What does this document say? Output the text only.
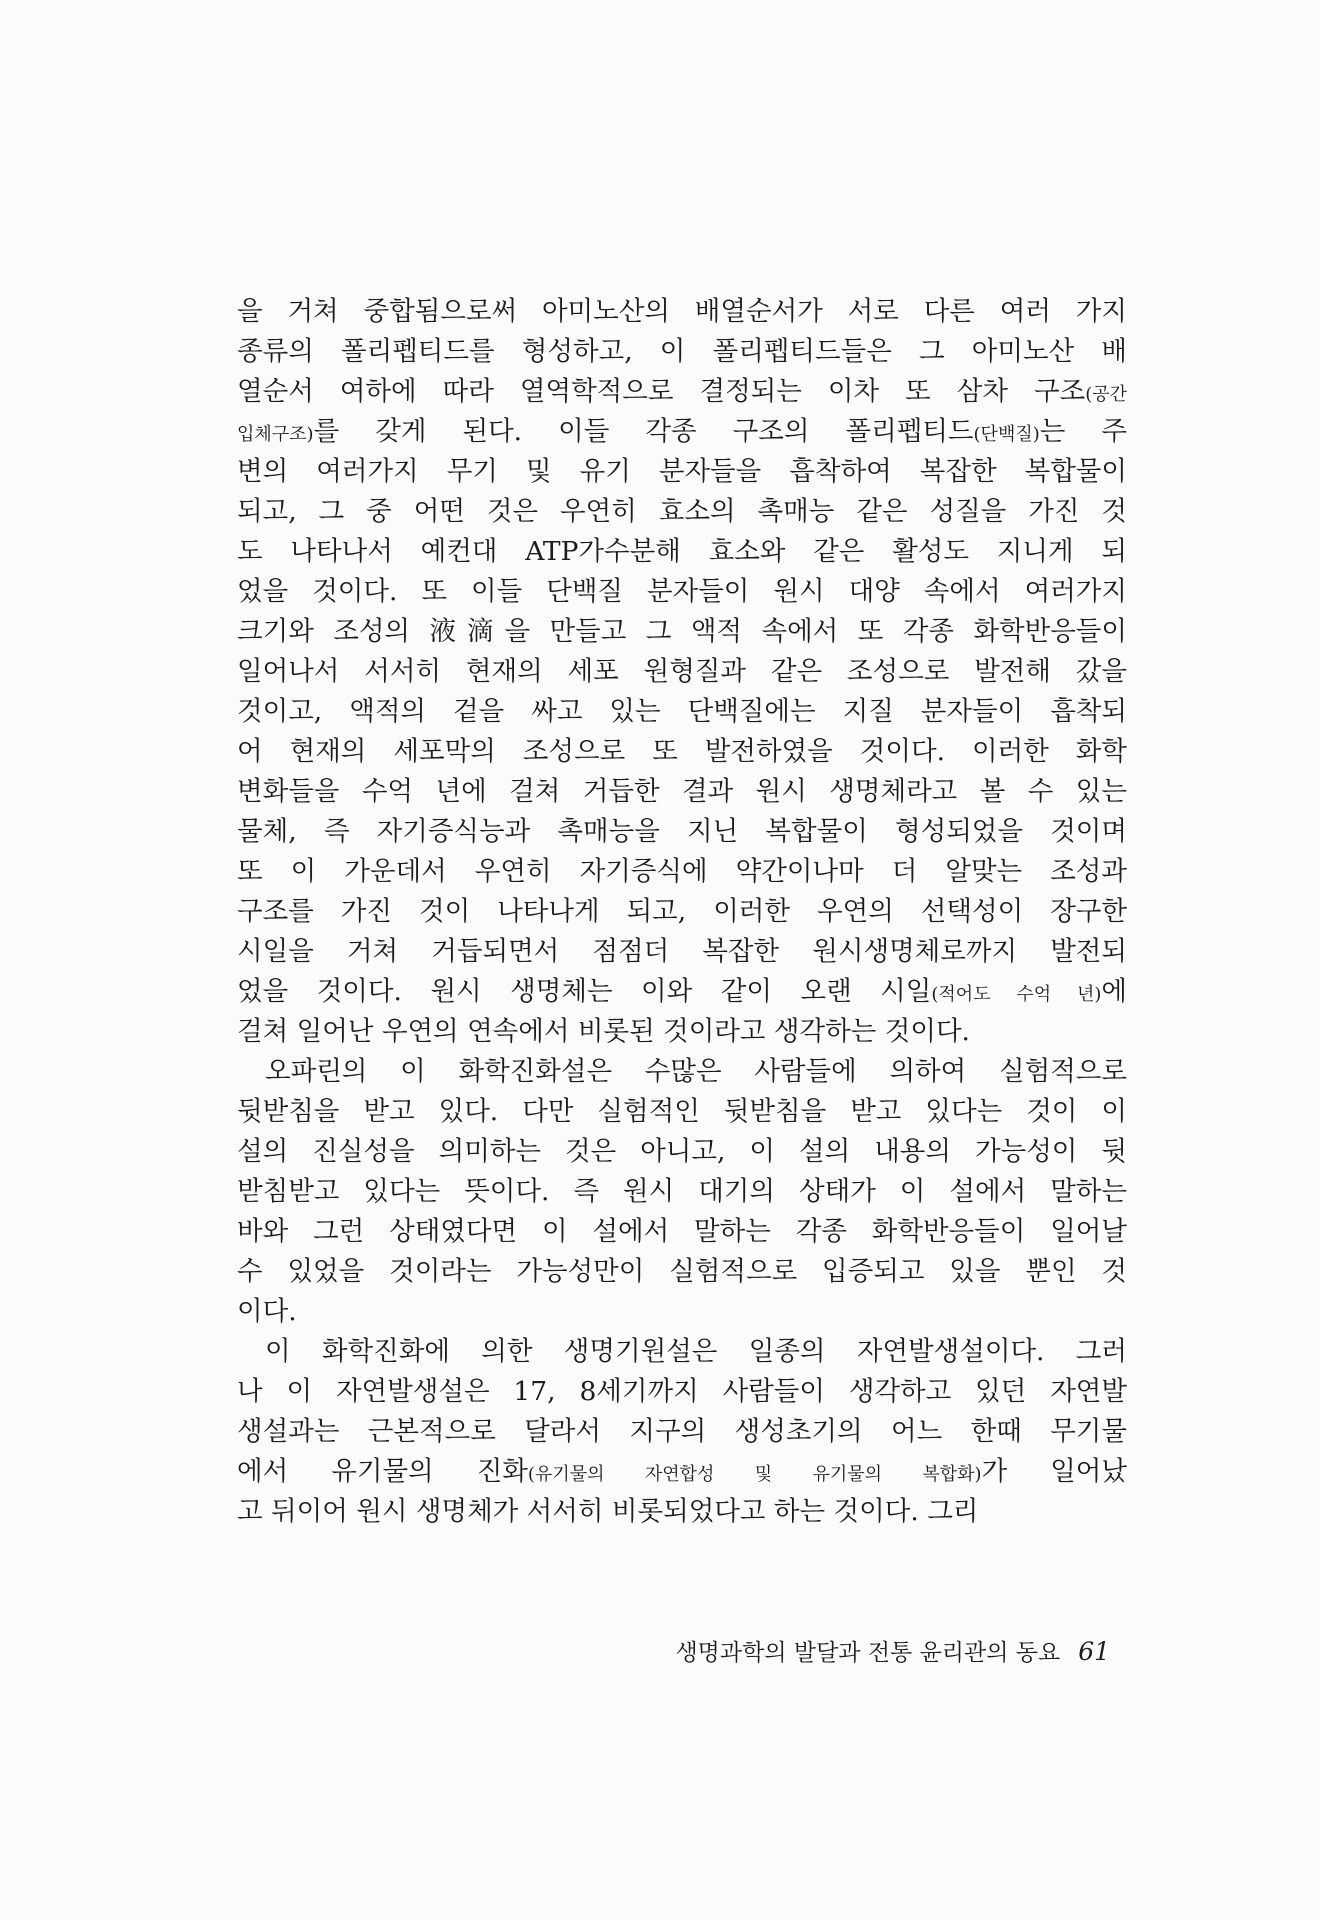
을 거쳐 중합됨으로써 아미노산의 배열순서가 서로 다른 여러 가지
종류의 폴리펩티드를 형성하고, 이 폴리펩티드들은 그 아미노산 배
열순서 여하에 따라 열역학적으로 결정되는 이차 또 삼차 구조(공간
입체구조)를 갖게 된다. 이들 각종 구조의 폴리펩티드(단백질)는 주
변의 여러가지 무기 및 유기 분자들을 흡착하여 복잡한 복합물이
되고, 그 중 어떤 것은 우연히 효소의 촉매능 같은 성질을 가진 것
도 나타나서 예컨대 ATP가수분해 효소와 같은 활성도 지니게 되
었을 것이다. 또 이들 단백질 분자들이 원시 대양 속에서 여러가지
크기와 조성의 液滴을 만들고 그 액적 속에서 또 각종 화학반응들이
일어나서 서서히 현재의 세포 원형질과 같은 조성으로 발전해 갔을
것이고, 액적의 겉을 싸고 있는 단백질에는 지질 분자들이 흡착되
어 현재의 세포막의 조성으로 또 발전하였을 것이다. 이러한 화학
변화들을 수억 년에 걸쳐 거듭한 결과 원시 생명체라고 볼 수 있는
물체, 즉 자기증식능과 촉매능을 지닌 복합물이 형성되었을 것이며
또 이 가운데서 우연히 자기증식에 약간이나마 더 알맞는 조성과
구조를 가진 것이 나타나게 되고, 이러한 우연의 선택성이 장구한
시일을 거쳐 거듭되면서 점점더 복잡한 원시생명체로까지 발전되
었을 것이다. 원시 생명체는 이와 같이 오랜 시일(적어도 수억 년)에
걸쳐 일어난 우연의 연속에서 비롯된 것이라고 생각하는 것이다.
오파린의 이 화학진화설은 수많은 사람들에 의하여 실험적으로
뒷받침을 받고 있다. 다만 실험적인 뒷받침을 받고 있다는 것이 이
설의 진실성을 의미하는 것은 아니고, 이 설의 내용의 가능성이 뒷
받침받고 있다는 뜻이다. 즉 원시 대기의 상태가 이 설에서 말하는
바와 그런 상태였다면 이 설에서 말하는 각종 화학반응들이 일어날
수 있었을 것이라는 가능성만이 실험적으로 입증되고 있을 뿐인 것
이다.
이 화학진화에 의한 생명기원설은 일종의 자연발생설이다. 그러
나 이 자연발생설은 17, 8세기까지 사람들이 생각하고 있던 자연발
생설과는 근본적으로 달라서 지구의 생성초기의 어느 한때 무기물
에서 유기물의 진화(유기물의 자연합성 및 유기물의 복합화)가 일어났
고 뒤이어 원시 생명체가 서서히 비롯되었다고 하는 것이다. 그리
생명과학의 발달과 전통 윤리관의 동요 61
